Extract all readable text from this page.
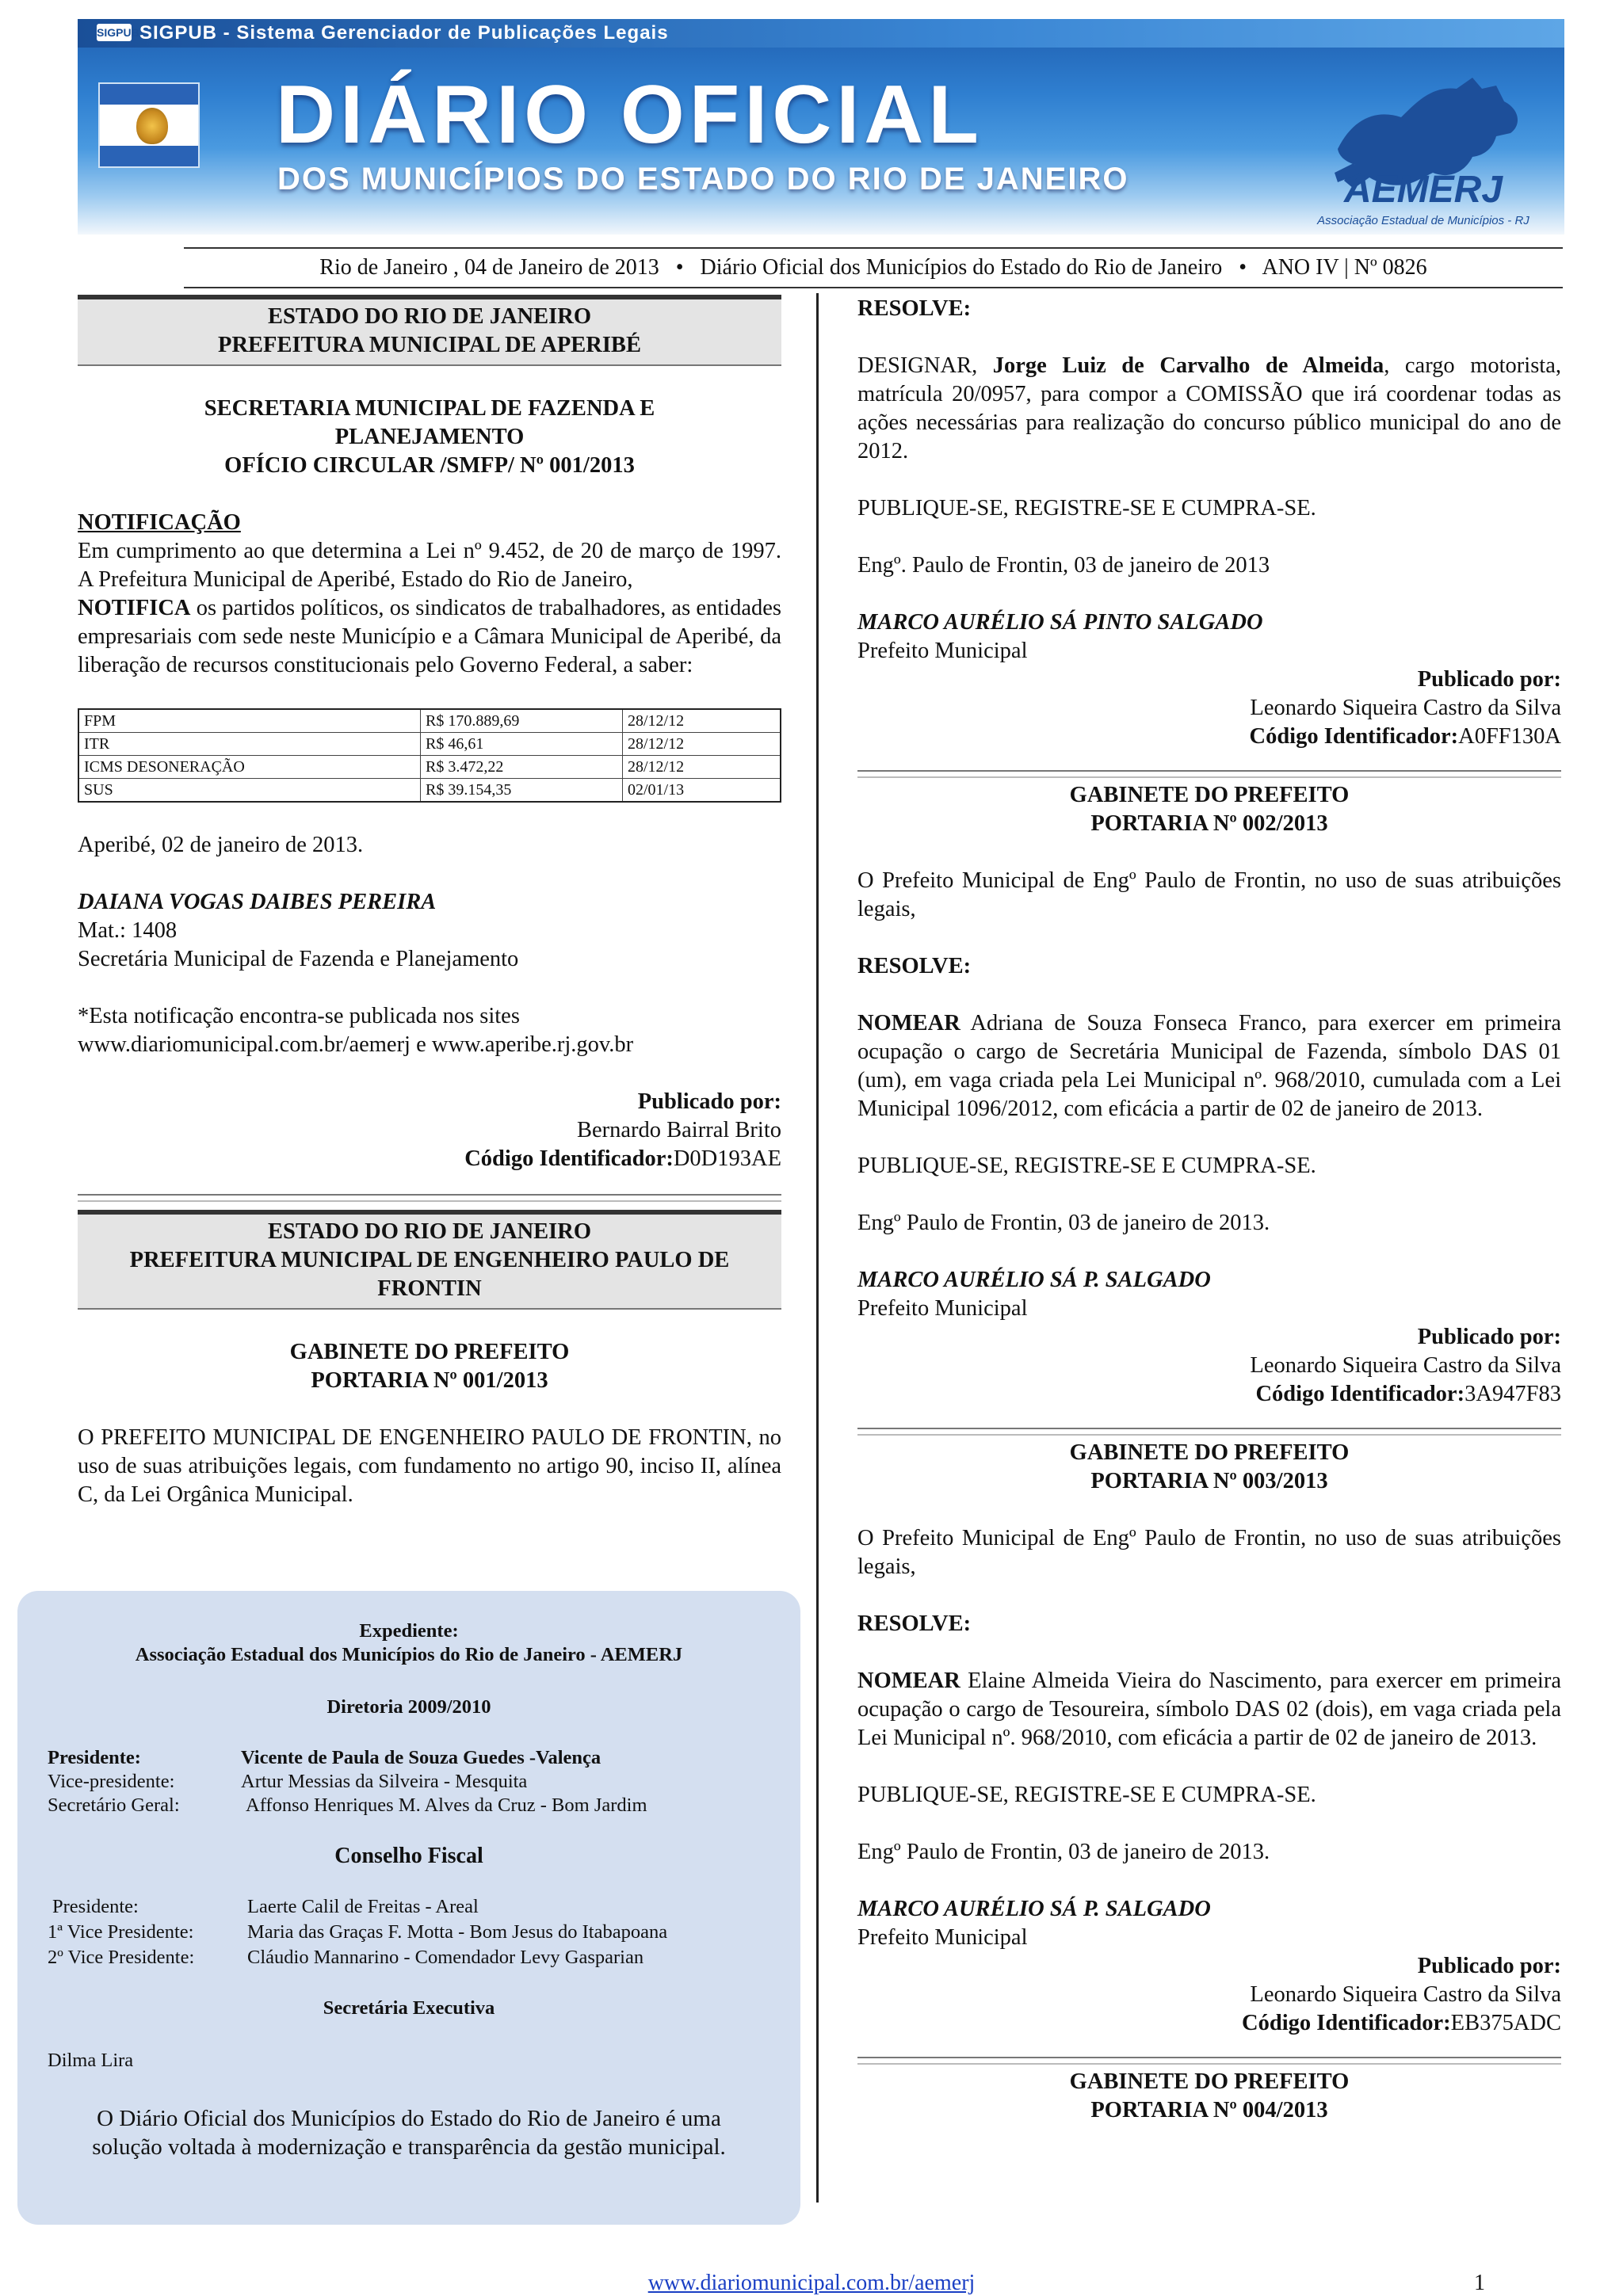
SIGPUB SIGPUB - Sistema Gerenciador de Publicações Legais
DIÁRIO OFICIAL
DOS MUNICÍPIOS DO ESTADO DO RIO DE JANEIRO	AEMERJ
Associação Estadual de Municípios - RJ
Rio de Janeiro , 04 de Janeiro de 2013   •   Diário Oficial dos Municípios do Estado do Rio de Janeiro   •   ANO IV | Nº 0826
ESTADO DO RIO DE JANEIRO
PREFEITURA MUNICIPAL DE APERIBÉ
SECRETARIA MUNICIPAL DE FAZENDA E
PLANEJAMENTO
OFÍCIO CIRCULAR /SMFP/ Nº 001/2013

NOTIFICAÇÃO

Em cumprimento ao que determina a Lei nº 9.452, de 20 de março de 1997. A Prefeitura Municipal de Aperibé, Estado do Rio de Janeiro,
NOTIFICA os partidos políticos, os sindicatos de trabalhadores, as entidades empresariais com sede neste Município e a Câmara Municipal de Aperibé, da liberação de recursos constitucionais pelo Governo Federal, a saber:

FPM	R$ 170.889,69	28/12/12
ITR	R$ 46,61	28/12/12
ICMS DESONERAÇÃO	R$ 3.472,22	28/12/12
SUS	R$ 39.154,35	02/01/13

Aperibé, 02 de janeiro de 2013.

DAIANA VOGAS DAIBES PEREIRA

Mat.: 1408

Secretária Municipal de Fazenda e Planejamento

*Esta notificação encontra-se publicada nos sites

www.diariomunicipal.com.br/aemerj e www.aperibe.rj.gov.br

Publicado por:

Bernardo Bairral Brito

Código Identificador:D0D193AE

ESTADO DO RIO DE JANEIRO
PREFEITURA MUNICIPAL DE ENGENHEIRO PAULO DE
FRONTIN
GABINETE DO PREFEITO
PORTARIA Nº 001/2013

O PREFEITO MUNICIPAL DE ENGENHEIRO PAULO DE FRONTIN, no uso de suas atribuições legais, com fundamento no artigo 90, inciso II, alínea C, da Lei Orgânica Municipal.

Expediente:
Associação Estadual dos Municípios do Rio de Janeiro - AEMERJ
Diretoria 2009/2010
Presidente:	Vicente de Paula de Souza Guedes -Valença
Vice-presidente:	Artur Messias da Silveira - Mesquita
Secretário Geral:	Affonso Henriques M. Alves da Cruz - Bom Jardim
Conselho Fiscal
Presidente:	Laerte Calil de Freitas - Areal
1ª Vice Presidente:	Maria das Graças F. Motta - Bom Jesus do Itabapoana
2º Vice Presidente:	Cláudio Mannarino - Comendador Levy Gasparian
Secretária Executiva
Dilma Lira
O Diário Oficial dos Municípios do Estado do Rio de Janeiro é uma
solução voltada à modernização e transparência da gestão municipal.

RESOLVE:

DESIGNAR, Jorge Luiz de Carvalho de Almeida, cargo motorista, matrícula 20/0957, para compor a COMISSÃO que irá coordenar todas as ações necessárias para realização do concurso público municipal do ano de 2012.

PUBLIQUE-SE, REGISTRE-SE E CUMPRA-SE.

Engº. Paulo de Frontin, 03 de janeiro de 2013

MARCO AURÉLIO SÁ PINTO SALGADO

Prefeito Municipal

Publicado por:

Leonardo Siqueira Castro da Silva

Código Identificador:A0FF130A

GABINETE DO PREFEITO
PORTARIA Nº 002/2013

O Prefeito Municipal de Engº Paulo de Frontin, no uso de suas atribuições legais,

RESOLVE:

NOMEAR Adriana de Souza Fonseca Franco, para exercer em primeira ocupação o cargo de Secretária Municipal de Fazenda, símbolo DAS 01 (um), em vaga criada pela Lei Municipal nº. 968/2010, cumulada com a Lei Municipal 1096/2012, com eficácia a partir de 02 de janeiro de 2013.

PUBLIQUE-SE, REGISTRE-SE E CUMPRA-SE.

Engº Paulo de Frontin, 03 de janeiro de 2013.

MARCO AURÉLIO SÁ P. SALGADO

Prefeito Municipal

Publicado por:

Leonardo Siqueira Castro da Silva

Código Identificador:3A947F83

GABINETE DO PREFEITO
PORTARIA Nº 003/2013

O Prefeito Municipal de Engº Paulo de Frontin, no uso de suas atribuições legais,

RESOLVE:

NOMEAR Elaine Almeida Vieira do Nascimento, para exercer em primeira ocupação o cargo de Tesoureira, símbolo DAS 02 (dois), em vaga criada pela Lei Municipal nº. 968/2010, com eficácia a partir de 02 de janeiro de 2013.

PUBLIQUE-SE, REGISTRE-SE E CUMPRA-SE.

Engº Paulo de Frontin, 03 de janeiro de 2013.

MARCO AURÉLIO SÁ P. SALGADO

Prefeito Municipal

Publicado por:

Leonardo Siqueira Castro da Silva

Código Identificador:EB375ADC

GABINETE DO PREFEITO
PORTARIA Nº 004/2013
www.diariomunicipal.com.br/aemerj	1
